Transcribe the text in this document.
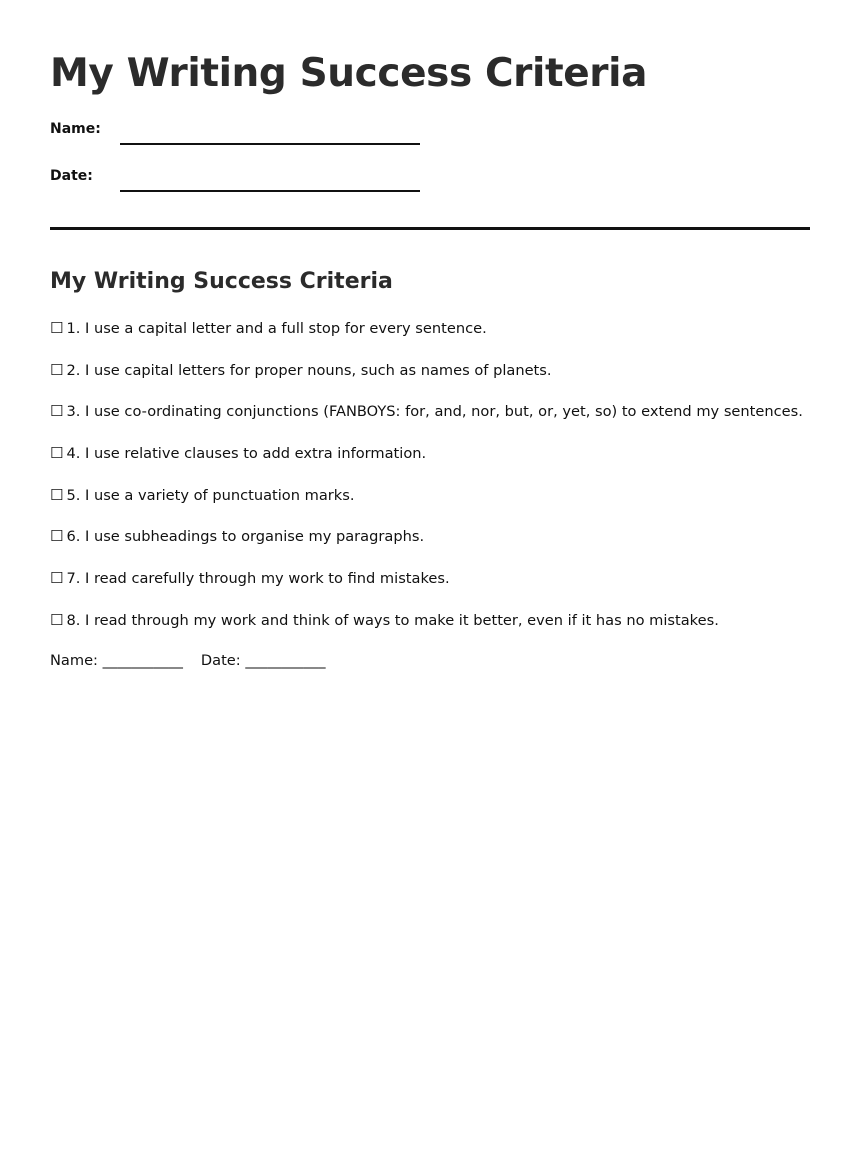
My Writing Success Criteria
Name:
Date:
My Writing Success Criteria
☐ 1. I use a capital letter and a full stop for every sentence.
☐ 2. I use capital letters for proper nouns, such as names of planets.
☐ 3. I use co-ordinating conjunctions (FANBOYS: for, and, nor, but, or, yet, so) to extend my sentences.
☐ 4. I use relative clauses to add extra information.
☐ 5. I use a variety of punctuation marks.
☐ 6. I use subheadings to organise my paragraphs.
☐ 7. I read carefully through my work to find mistakes.
☐ 8. I read through my work and think of ways to make it better, even if it has no mistakes.
Name: ___________ Date: ___________
